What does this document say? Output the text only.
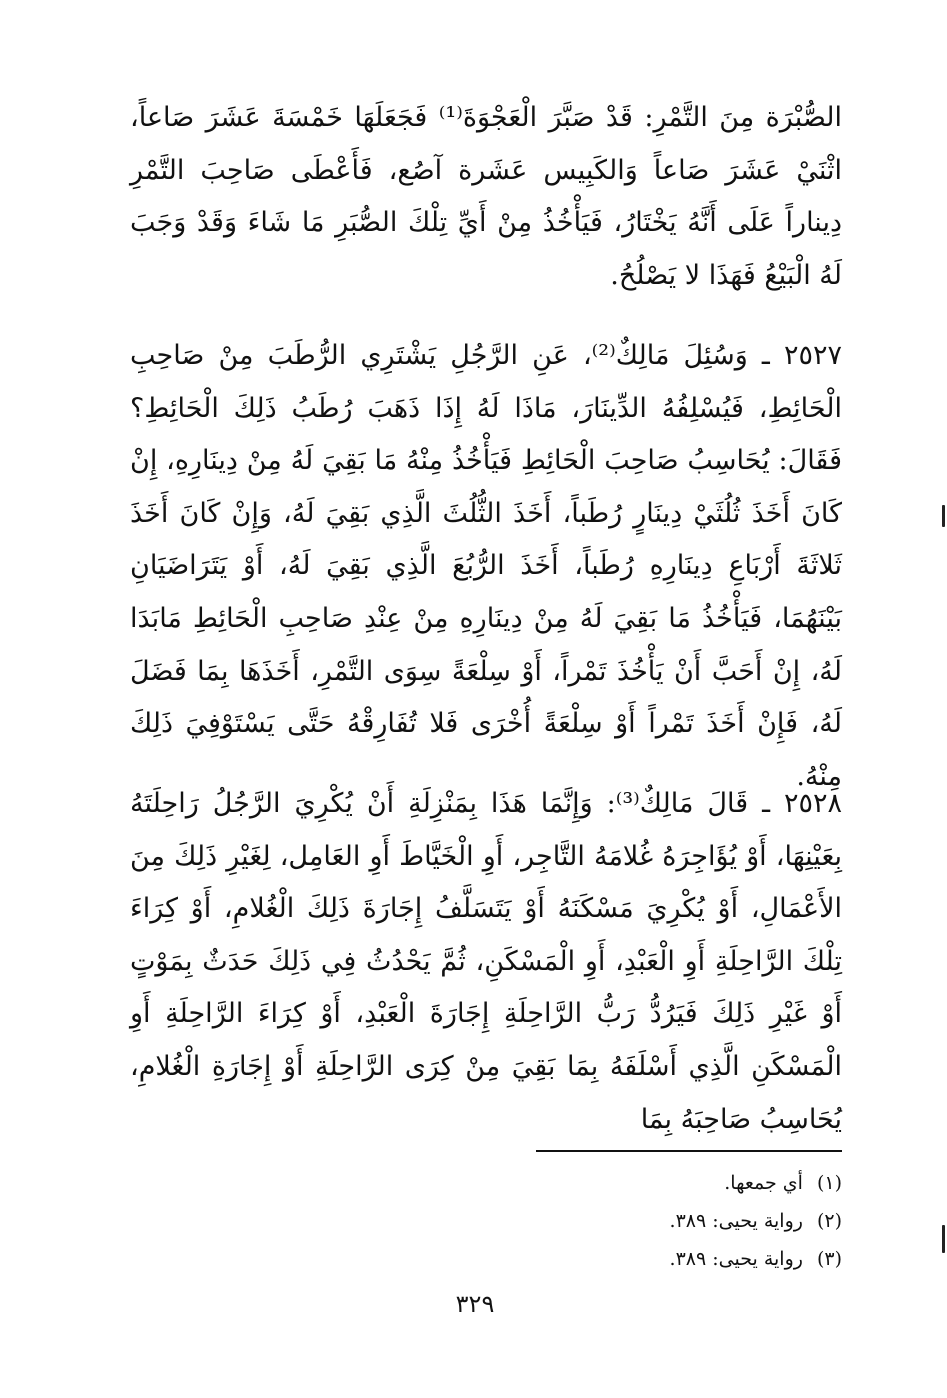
الصُّبْرَة مِنَ التَّمْرِ: قَدْ صَبَّرَ الْعَجْوَةَ⁽¹⁾ فَجَعَلَهَا خَمْسَةَ عَشَرَ صَاعاً، اثْنَيْ عَشَرَ صَاعاً وَالكَبِيس عَشَرة آصُع، فَأَعْطَى صَاحِبَ التَّمْرِ دِيناراً عَلَى أَنَّهُ يَخْتَارُ، فَيَأْخُذُ مِنْ أَيِّ تِلْكَ الصُّبَرِ مَا شَاءَ وَقَدْ وَجَبَ لَهُ الْبَيْعُ فَهَذَا لا يَصْلُحُ.
٢٥٢٧ ـ وَسُئِلَ مَالِكٌ⁽²⁾، عَنِ الرَّجُلِ يَشْتَرِي الرُّطَبَ مِنْ صَاحِبِ الْحَائِطِ، فَيُسْلِفُهُ الدِّينَارَ، مَاذَا لَهُ إِذَا ذَهَبَ رُطَبُ ذَلِكَ الْحَائِطِ؟ فَقَالَ: يُحَاسِبُ صَاحِبَ الْحَائِطِ فَيَأْخُذُ مِنْهُ مَا بَقِيَ لَهُ مِنْ دِينَارِهِ، إِنْ كَانَ أَخَذَ ثُلُثَيْ دِينَارٍ رُطَباً، أَخَذَ الثُّلُثَ الَّذِي بَقِيَ لَهُ، وَإِنْ كَانَ أَخَذَ ثَلاثَةَ أَرْبَاعِ دِينَارِهِ رُطَباً، أَخَذَ الرُّبُعَ الَّذِي بَقِيَ لَهُ، أَوْ يَتَرَاضَيَانِ بَيْنَهُمَا، فَيَأْخُذُ مَا بَقِيَ لَهُ مِنْ دِينَارِهِ مِنْ عِنْدِ صَاحِبِ الْحَائِطِ مَابَدَا لَهُ، إِنْ أَحَبَّ أَنْ يَأْخُذَ تَمْراً، أَوْ سِلْعَةً سِوَى التَّمْرِ، أَخَذَهَا بِمَا فَضَلَ لَهُ، فَإِنْ أَخَذَ تَمْراً أَوْ سِلْعَةً أُخْرَى فَلا تُفَارِقْهُ حَتَّى يَسْتَوْفِيَ ذَلِكَ مِنْهُ.
٢٥٢٨ ـ قَالَ مَالِكٌ⁽³⁾: وَإِنَّمَا هَذَا بِمَنْزِلَةِ أَنْ يُكْرِيَ الرَّجُلُ رَاحِلَتَهُ بِعَيْنِهَا، أَوْ يُؤَاجِرَهُ غُلامَهُ التَّاجِر، أَوِ الْخَيَّاطَ أَوِ العَامِل، لِغَيْرِ ذَلِكَ مِنَ الأَعْمَالِ، أَوْ يُكْرِيَ مَسْكَنَهُ أَوْ يَتَسَلَّفُ إِجَارَةَ ذَلِكَ الْغُلامِ، أَوْ كِرَاءَ تِلْكَ الرَّاحِلَةِ أَوِ الْعَبْدِ، أَوِ الْمَسْكَنِ، ثُمَّ يَحْدُثُ فِي ذَلِكَ حَدَثٌ بِمَوْتٍ أَوْ غَيْرِ ذَلِكَ فَيَرُدُّ رَبُّ الرَّاحِلَةِ إِجَارَةَ الْعَبْدِ، أَوْ كِرَاءَ الرَّاحِلَةِ أَوِ الْمَسْكَنِ الَّذِي أَسْلَفَهُ بِمَا بَقِيَ مِنْ كِرَى الرَّاحِلَةِ أَوْ إِجَارَةِ الْغُلامِ، يُحَاسِبُ صَاحِبَهُ بِمَا
(١)أي جمعها.
(٢)رواية يحيى: ٣٨٩.
(٣)رواية يحيى: ٣٨٩.
٣٢٩
